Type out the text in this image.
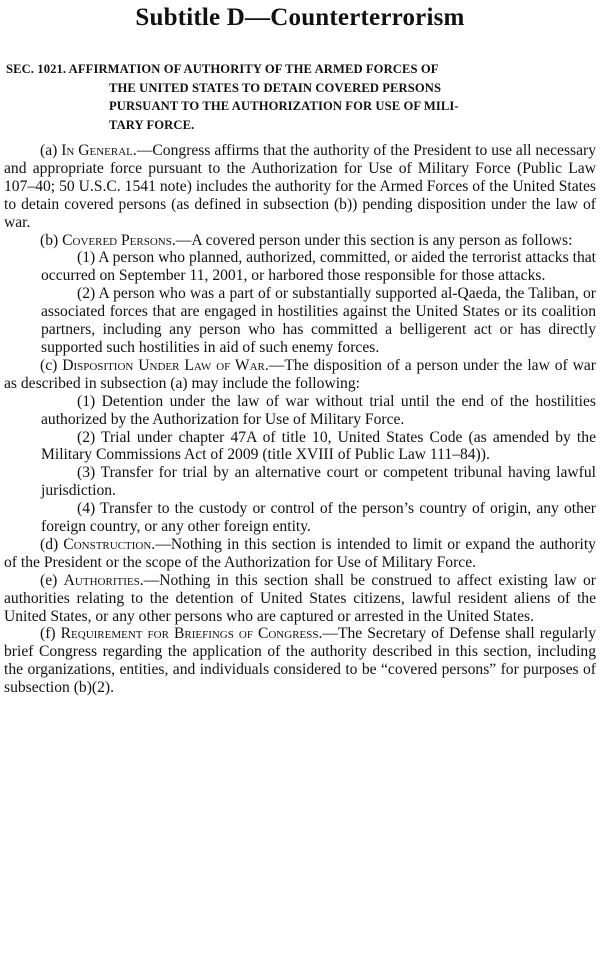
Subtitle D—Counterterrorism
SEC. 1021. AFFIRMATION OF AUTHORITY OF THE ARMED FORCES OF
THE UNITED STATES TO DETAIN COVERED PERSONS
PURSUANT TO THE AUTHORIZATION FOR USE OF MILI-
TARY FORCE.

(a) In General.—Congress affirms that the authority of the President to use all necessary and appropriate force pursuant to the Authorization for Use of Military Force (Public Law 107–40; 50 U.S.C. 1541 note) includes the authority for the Armed Forces of the United States to detain covered persons (as defined in subsection (b)) pending disposition under the law of war.

(b) Covered Persons.—A covered person under this section is any person as follows:

(1) A person who planned, authorized, committed, or aided the terrorist attacks that occurred on September 11, 2001, or harbored those responsible for those attacks.

(2) A person who was a part of or substantially supported al-Qaeda, the Taliban, or associated forces that are engaged in hostilities against the United States or its coalition partners, including any person who has committed a belligerent act or has directly supported such hostilities in aid of such enemy forces.

(c) Disposition Under Law of War.—The disposition of a person under the law of war as described in subsection (a) may include the following:

(1) Detention under the law of war without trial until the end of the hostilities authorized by the Authorization for Use of Military Force.

(2) Trial under chapter 47A of title 10, United States Code (as amended by the Military Commissions Act of 2009 (title XVIII of Public Law 111–84)).

(3) Transfer for trial by an alternative court or competent tribunal having lawful jurisdiction.

(4) Transfer to the custody or control of the person’s country of origin, any other foreign country, or any other foreign entity.

(d) Construction.—Nothing in this section is intended to limit or expand the authority of the President or the scope of the Authorization for Use of Military Force.

(e) Authorities.—Nothing in this section shall be construed to affect existing law or authorities relating to the detention of United States citizens, lawful resident aliens of the United States, or any other persons who are captured or arrested in the United States.

(f) Requirement for Briefings of Congress.—The Secretary of Defense shall regularly brief Congress regarding the application of the authority described in this section, including the organizations, entities, and individuals considered to be “covered persons” for purposes of subsection (b)(2).
